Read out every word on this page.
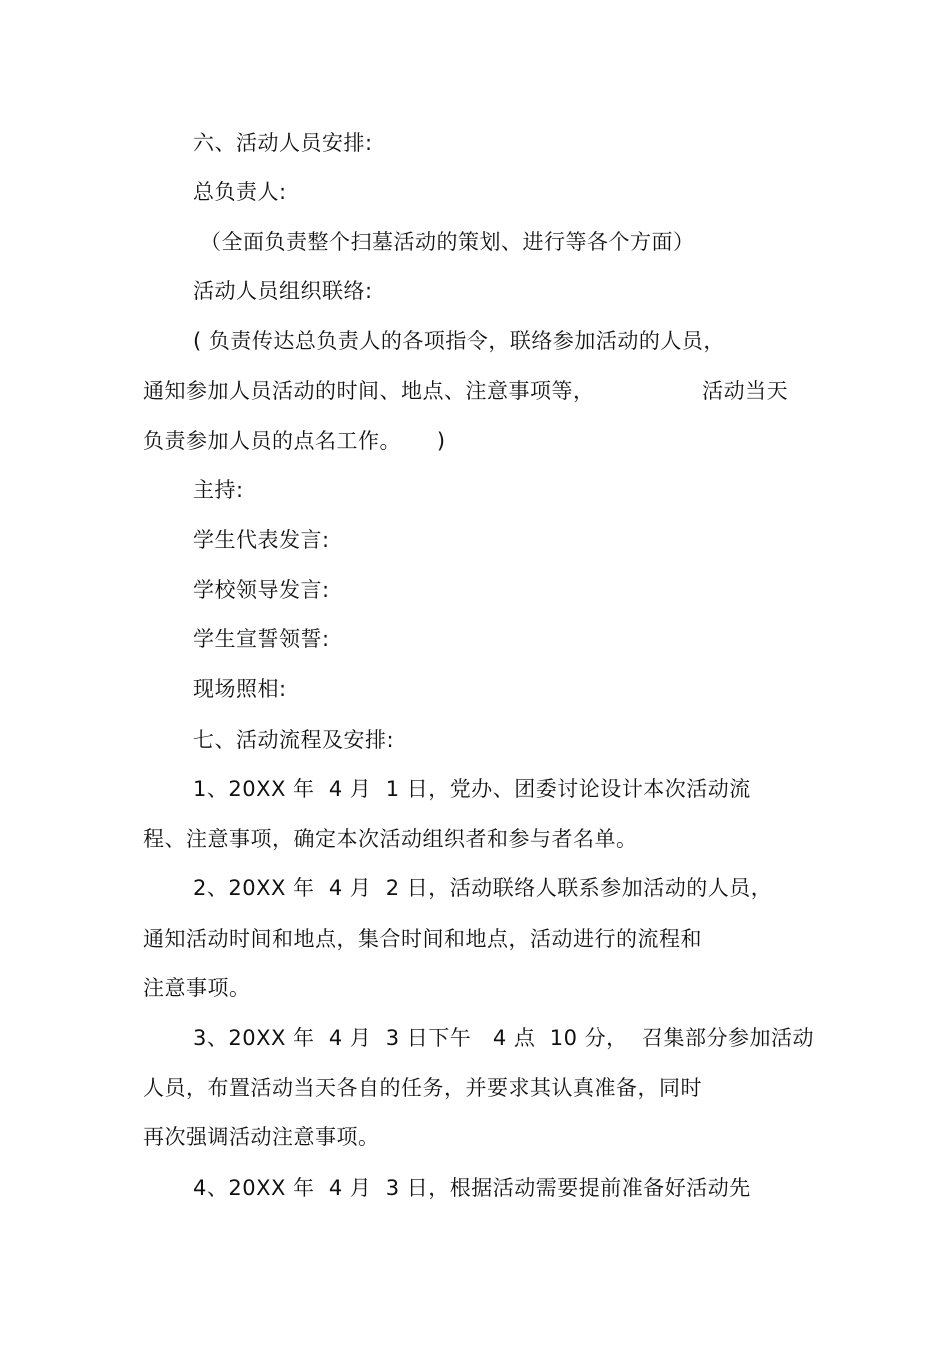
六、活动人员安排:
总负责人:
（全面负责整个扫墓活动的策划、进行等各个方面）
活动人员组织联络:
( 负责传达总负责人的各项指令，联络参加活动的人员，
通知参加人员活动的时间、地点、注意事项等，               活动当天
负责参加人员的点名工作。     )
主持:
学生代表发言:
学校领导发言:
学生宣誓领誓:
现场照相:
七、活动流程及安排:
1、20XX 年  4 月  1 日，党办、团委讨论设计本次活动流
程、注意事项，确定本次活动组织者和参与者名单。
2、20XX 年  4 月  2 日，活动联络人联系参加活动的人员，
通知活动时间和地点，集合时间和地点，活动进行的流程和
注意事项。
3、20XX 年  4 月  3 日下午   4 点  10 分，  召集部分参加活动
人员，布置活动当天各自的任务，并要求其认真准备，同时
再次强调活动注意事项。
4、20XX 年  4 月  3 日，根据活动需要提前准备好活动先
